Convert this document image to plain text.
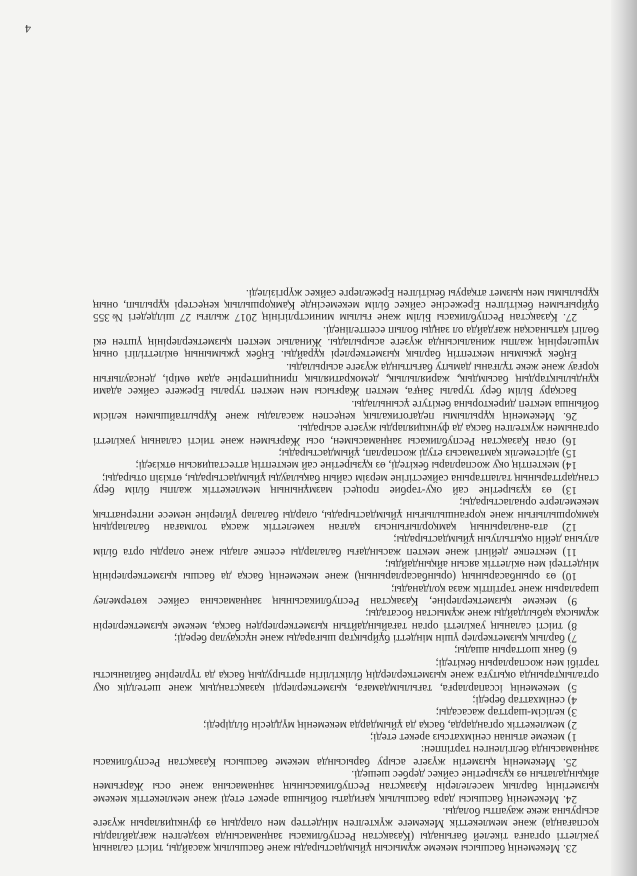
23. Мекеменің басшысы мекеме жұмысын ұйымдастырады және басшылық жасайды, тиісті саланың уәкілетті органға тікелей бағынады (Қазақстан Республикасы заңнамасында көзделген жағдайларды қоспағанда) және мемлекеттік Мекемеге жүктелген міндеттер мен олардың өз функцияларын жүзеге асыруына жеке жауапты болады.

24. Мекеменің басшысы дара басшылық қағидаты бойынша әрекет етеді және мемлекеттік мекеме қызметінің барлық мәселелерін Қазақстан Республикасының заңнамасына және осы Жарғымен айқындалатын өз құзыретіне сәйкес дербес шешеді.

25. Мекеменің қызметін жүзеге асыру барысында мекеме басшысы Қазақстан Республикасы заңнамасында белгіленген тәртіппен:

1) мекеме атынан сенімхатсыз әрекет етеді;

2) мемлекеттік органдарда, басқа да ұйымдарда мекеменің мүддесін білдіреді;

3) келісім-шарттар жасасады;

4) сенімхаттар береді;

5) мекеменің іссапарларға, тағылымдамаға, қызметкерлерді қазақстандық және шетелдік оқу орталықтарында оқытуға және қызметкерлердің біліктілігін арттырудың басқа да түрлеріне байланысты тәртібі мен жоспарларын бекітеді;

6) банк шоттарын ашады;

7) барлық қызметкерлер үшін міндетті бұйрықтар шығарады және нұсқаулар береді;

8) тиісті саланың уәкілетті орган тағайындайтын қызметкерлерден басқа, мекеме қызметкерлерін жұмысқа қабылдайды және жұмыстан босатады;

9) мекеме қызметкерлеріне, Қазақстан Республикасының заңнамасына сәйкес көтермелеу шараларын және тәртіптік жаза қолданады;

10) өз орынбасарының (орынбасарларының) және мекеменің басқа да басшы қызметкерлерінің міндеттері мен өкілеттік аясын айқындайды;

11) мектепке дейінгі және мектеп жасындағы балаларды есепке алады және оларды орта білім алуына дейін оқытылуын ұйымдастырады;

12) ата-аналарының қамқорлығынсыз қалған кәмелеттік жасқа толмаған балалардың қамқоршылығын және қорғаншылығын ұйымдастырады, оларды балалар үйлеріне немесе интернаттық мекемелерге орналастырады;

13) өз құзыретіне сай оқу-тәрбие процесі мазмұнының мемлекеттік жалпы білім беру стандарттарының талаптарына сәйкестігіне мерзім сайын бақылауды ұйымдастырады, өткізіп отырады;

14) мектептің оқу жоспарлары бекітеді, өз құзыретіне сай мектептің аттестациясын өткізеді;

15) әдістемелік қамтамасыз етуді жоспарлап, ұйымдастырады;

16) оған Қазақстан Республикасы заңнамасымен, осы Жарғымен және тиісті саланың уәкілетті органымен жүктелген басқа да функцияларды жүзеге асырады.

26. Мекеменің құрылымы педагогикалық кеңеспен жасалады және Құрылтайшымен келісім бойынша мектеп директорына бекітуге ұсынылады.

Басқару Білім беру туралы Заңға, мектеп Жарғысы мен мектеп туралы Ережеге сәйкес адами құндылықтардың басымдық, жариялылық, демократиялық принциптеріне адам өмірі, денсаулығын қорғау және жеке тұлғаны дамыту бағытында жүзеге асырылады.

Еңбек ұжымын мектептің барлық қызметкерлері құрайды. Еңбек ұжымының өкілеттілігі оның мүшелерінің жалпы жиналысында жүзеге асырылады. Жиналыс мектеп қызметкерлерінің үштен екі бөлігі қатынасқан жағдайда ол заңды болып есептелінеді.

27. Қазақстан Республикасы Білім және ғылым министрлігінің 2017 жылғы 27 шілдедегі №355 бұйрығымен бекітілген Ережесіне сәйкес білім мекемесінде Қамқоршылық кеңестері құрылып, оның құрылымы мен қызмет атқаруы бекітілген Ережелерге сәйкес жүргізіледі.

4
